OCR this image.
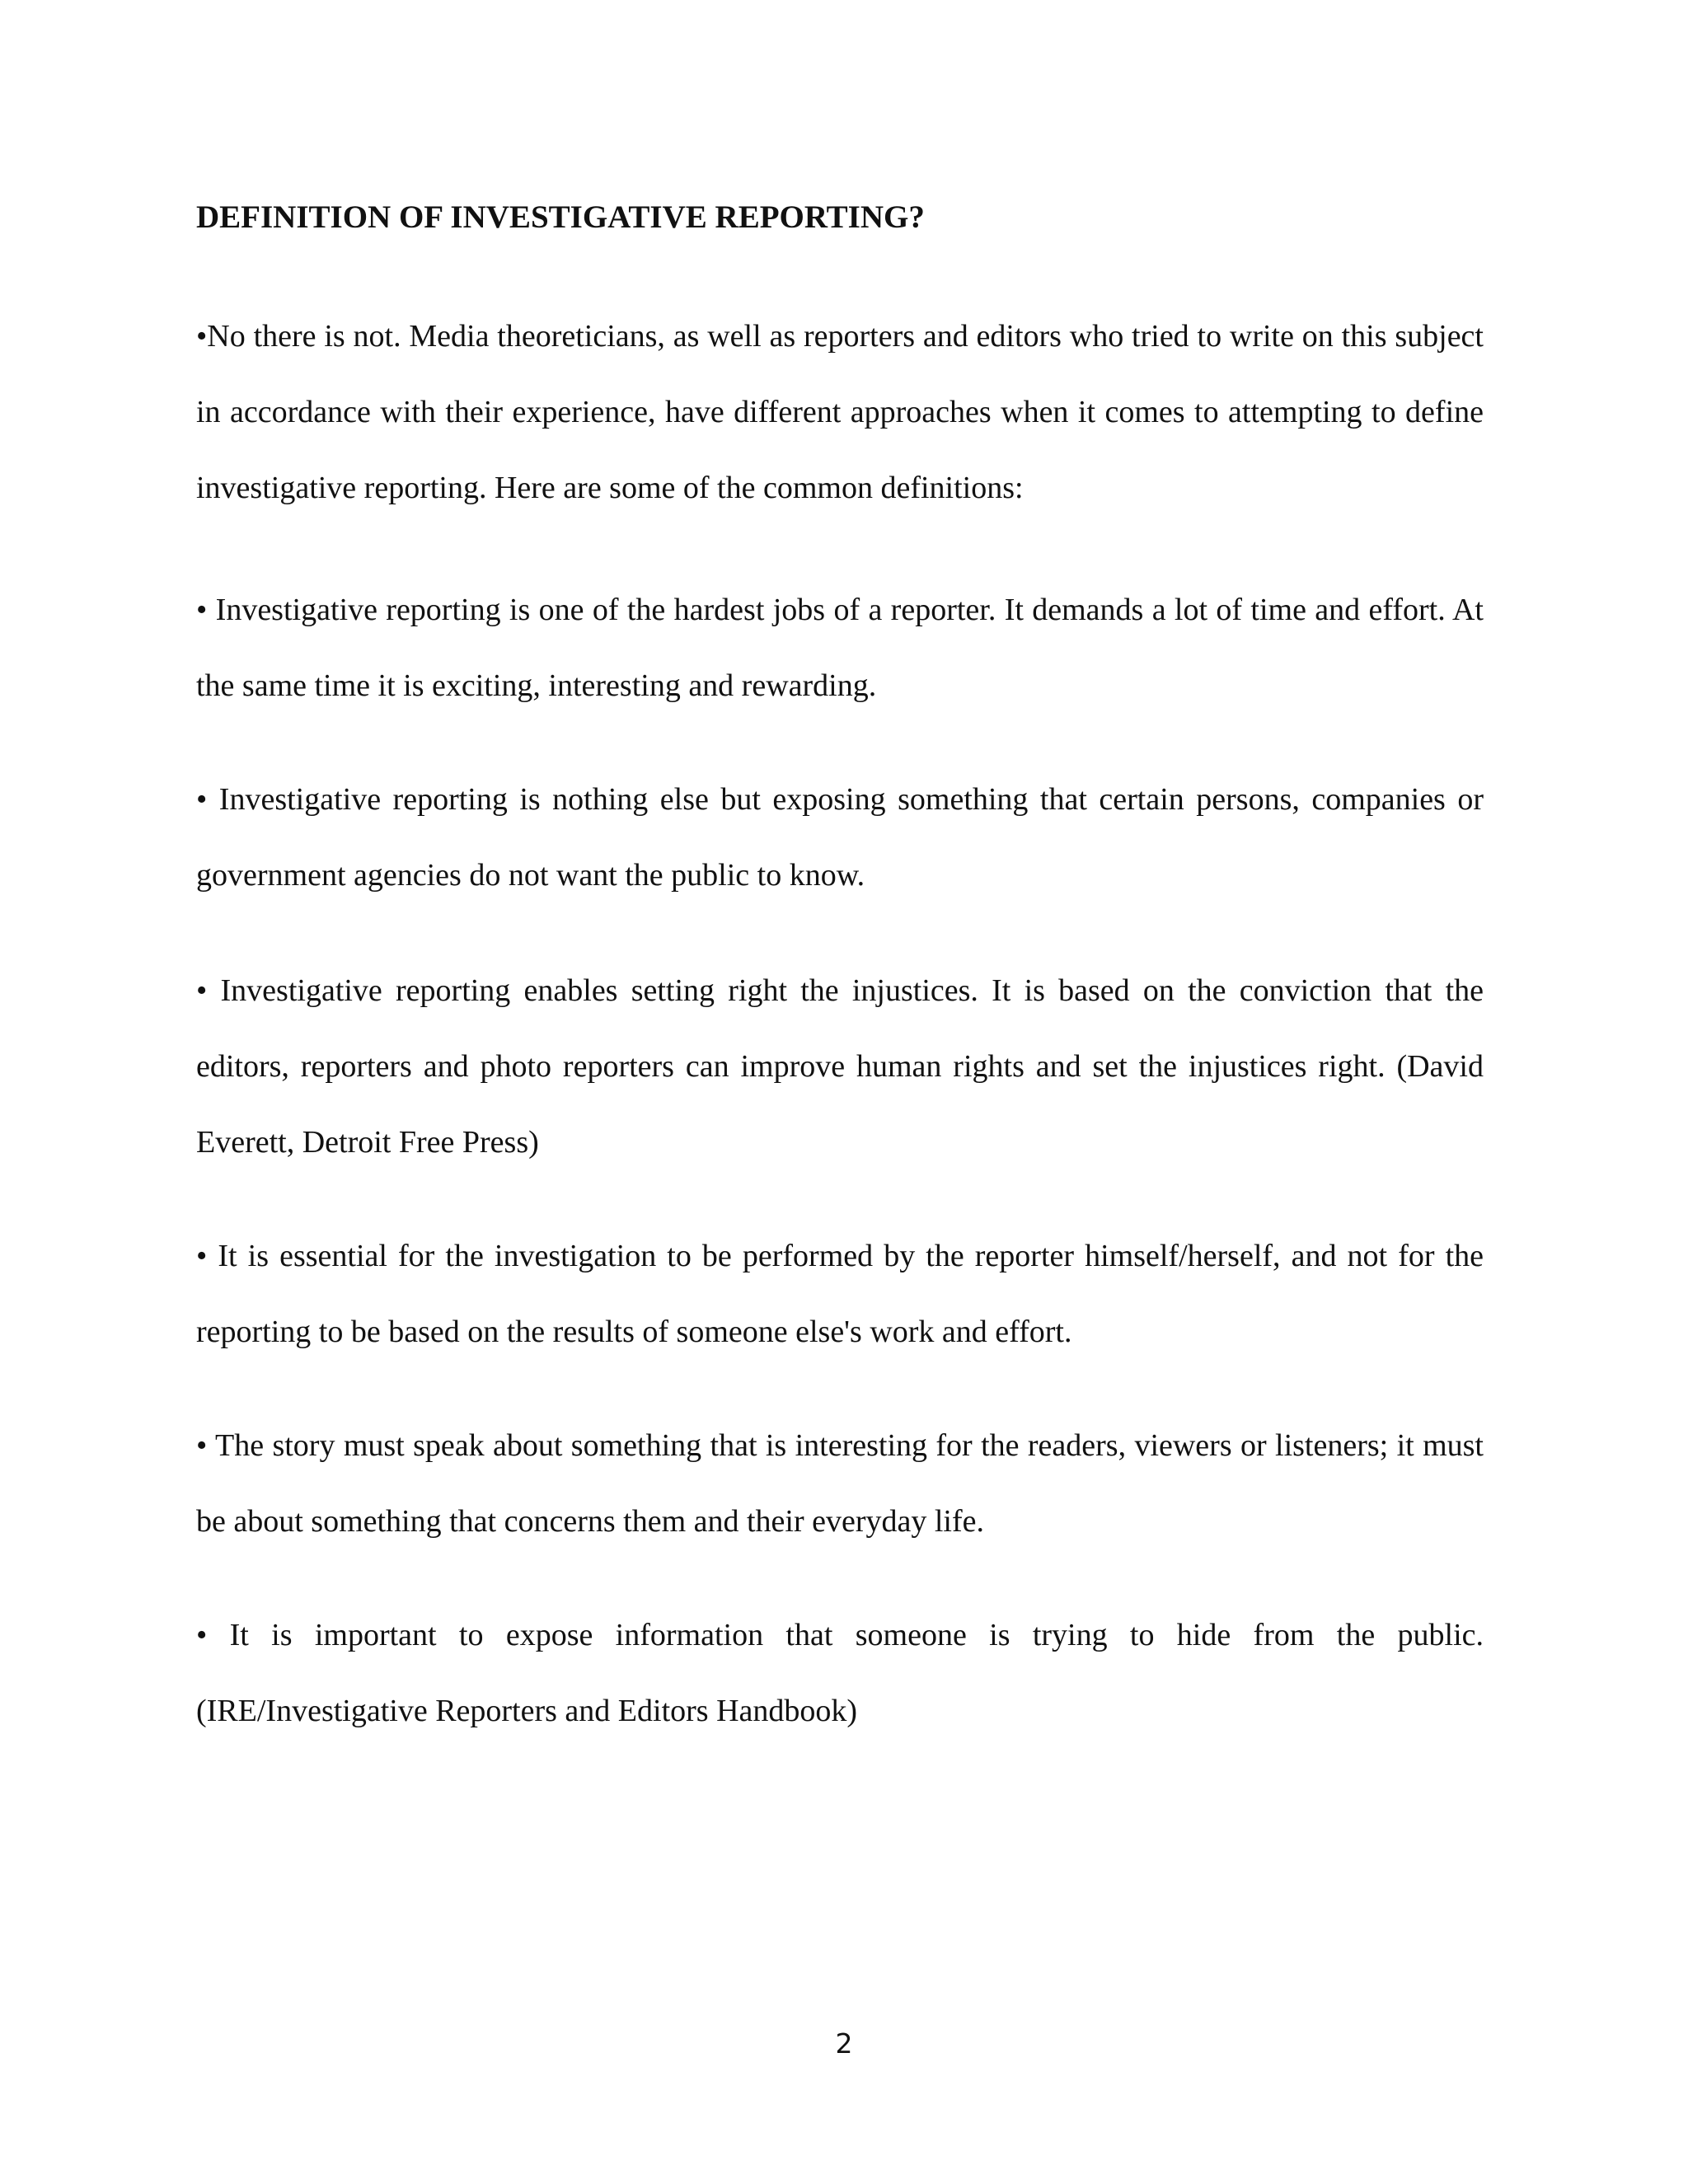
DEFINITION OF INVESTIGATIVE REPORTING?
•No there is not. Media theoreticians, as well as reporters and editors who tried to write on this subject in accordance with their experience, have different approaches when it comes to attempting to define investigative reporting. Here are some of the common definitions:
• Investigative reporting is one of the hardest jobs of a reporter. It demands a lot of time and effort. At the same time it is exciting, interesting and rewarding.
• Investigative reporting is nothing else but exposing something that certain persons, companies or government agencies do not want the public to know.
• Investigative reporting enables setting right the injustices. It is based on the conviction that the editors, reporters and photo reporters can improve human rights and set the injustices right. (David Everett, Detroit Free Press)
• It is essential for the investigation to be performed by the reporter himself/herself, and not for the reporting to be based on the results of someone else's work and effort.
• The story must speak about something that is interesting for the readers, viewers or listeners; it must be about something that concerns them and their everyday life.
• It is important to expose information that someone is trying to hide from the public. (IRE/Investigative Reporters and Editors Handbook)
2
